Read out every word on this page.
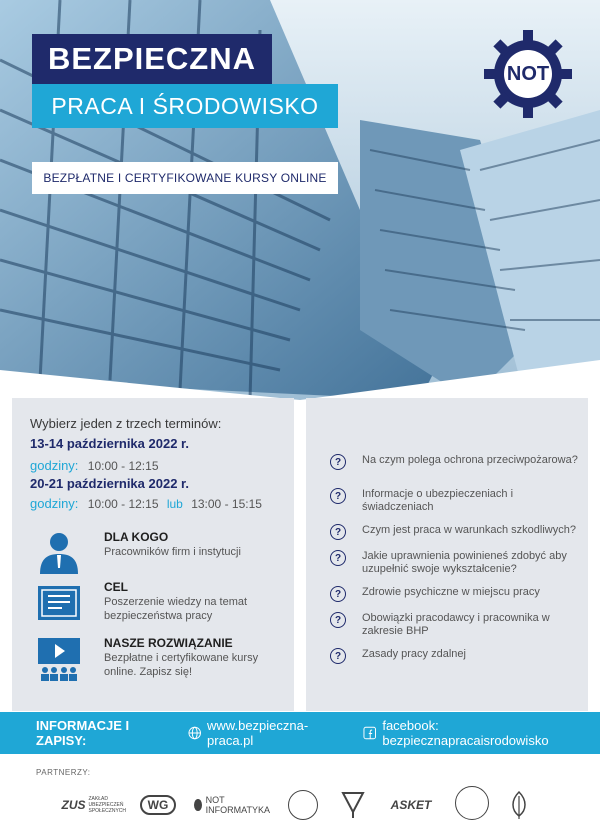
BEZPIECZNA
PRACA I ŚRODOWISKO
BEZPŁATNE I CERTYFIKOWANE KURSY ONLINE
NOT
Wybierz jeden z trzech terminów:
13-14 października 2022 r.
godziny: 10:00 - 12:15
20-21 października 2022 r.
godziny: 10:00 - 12:15 lub 13:00 - 15:15
DLA KOGO
Pracowników firm i instytucji
CEL
Poszerzenie wiedzy na temat bezpieczeństwa pracy
NASZE ROZWIĄZANIE
Bezpłatne i certyfikowane kursy online. Zapisz się!
?	Na czym polega ochrona przeciwpożarowa?
?	Informacje o ubezpieczeniach i świadczeniach
?	Czym jest praca w warunkach szkodliwych?
?	Jakie uprawnienia powinieneś zdobyć aby uzupełnić swoje wykształcenie?
?	Zdrowie psychiczne w miejscu pracy
?	Obowiązki pracodawcy i pracownika w zakresie BHP
?	Zasady pracy zdalnej
INFORMACJE I ZAPISY:
www.bezpieczna-praca.pl
facebook: bezpiecznapracaisrodowisko
PARTNERZY:
ZUS ZAKŁAD UBEZPIECZEŃ SPOŁECZNYCH	WG	NOT INFORMATYKA	ASKET
